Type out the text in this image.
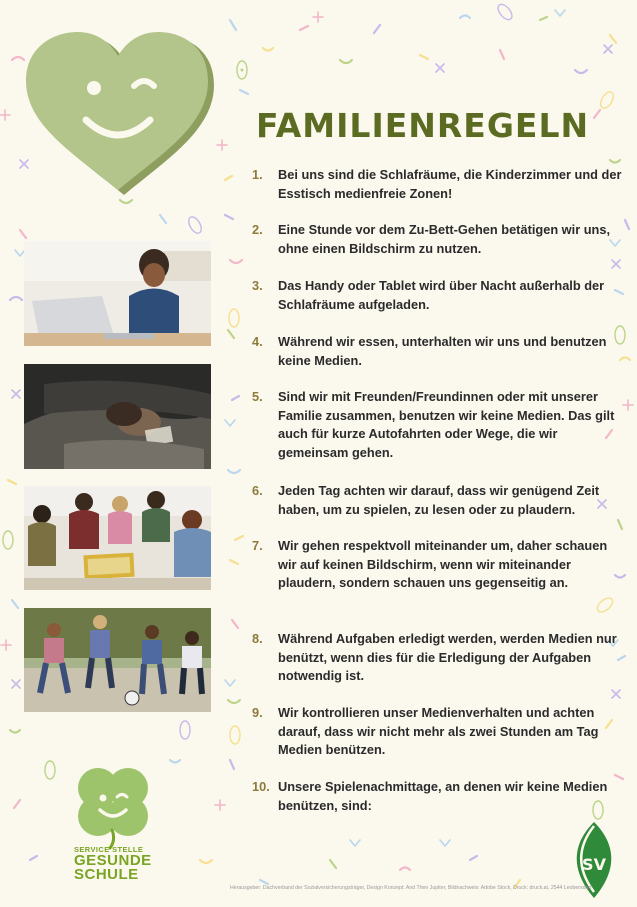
FAMILIENREGELN
1.	Bei uns sind die Schlafräume, die Kinderzimmer und der Esstisch medienfreie Zonen!
2.	Eine Stunde vor dem Zu-Bett-Gehen betätigen wir uns, ohne einen Bildschirm zu nutzen.
3.	Das Handy oder Tablet wird über Nacht außerhalb der Schlafräume aufgeladen.
4.	Während wir essen, unterhalten wir uns und benutzen keine Medien.
5.	Sind wir mit Freunden/Freundinnen oder mit unserer Familie zusammen, benutzen wir keine Medien. Das gilt auch für kurze Autofahrten oder Wege, die wir gemeinsam gehen.
6.	Jeden Tag achten wir darauf, dass wir genügend Zeit haben, um zu spielen, zu lesen oder zu plaudern.
7.	Wir gehen respektvoll miteinander um, daher schauen wir auf keinen Bildschirm, wenn wir miteinander plaudern, sondern schauen uns gegenseitig an.
8.	Während Aufgaben erledigt werden, werden Medien nur benützt, wenn dies für die Erledigung der Aufgaben notwendig ist.
9.	Wir kontrollieren unser Medienverhalten und achten darauf, dass wir nicht mehr als zwei Stunden am Tag Medien benützen.
10. Unsere Spielenachmittage, an denen wir keine Medien benützen, sind:
SERVICE STELLE
GESUNDE
SCHULE
SV
Herausgeber: Dachverband der Sozialversicherungsträger, Design Konzept: And Then Jupiter, Bildnachweis: Adobe Stock, Druck: druck.at, 2544 Leobersdorf
